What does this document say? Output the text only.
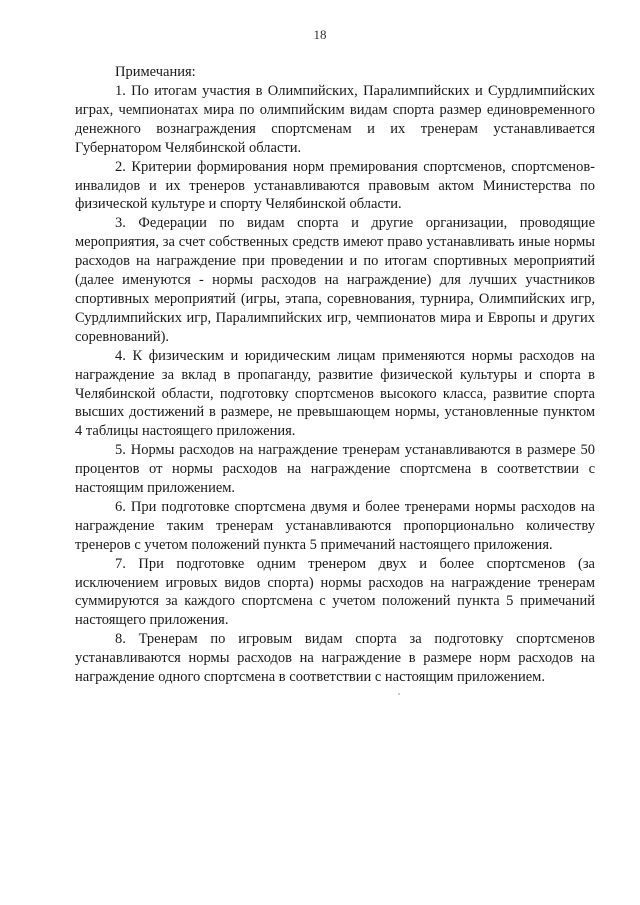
18

Примечания:

1. По итогам участия в Олимпийских, Паралимпийских и Сурдлимпийских играх, чемпионатах мира по олимпийским видам спорта размер единовременного денежного вознаграждения спортсменам и их тренерам устанавливается Губернатором Челябинской области.

2. Критерии формирования норм премирования спортсменов, спортсменов-инвалидов и их тренеров устанавливаются правовым актом Министерства по физической культуре и спорту Челябинской области.

3. Федерации по видам спорта и другие организации, проводящие мероприятия, за счет собственных средств имеют право устанавливать иные нормы расходов на награждение при проведении и по итогам спортивных мероприятий (далее именуются - нормы расходов на награждение) для лучших участников спортивных мероприятий (игры, этапа, соревнования, турнира, Олимпийских игр, Сурдлимпийских игр, Паралимпийских игр, чемпионатов мира и Европы и других соревнований).

4. К физическим и юридическим лицам применяются нормы расходов на награждение за вклад в пропаганду, развитие физической культуры и спорта в Челябинской области, подготовку спортсменов высокого класса, развитие спорта высших достижений в размере, не превышающем нормы, установленные пунктом 4 таблицы настоящего приложения.

5. Нормы расходов на награждение тренерам устанавливаются в размере 50 процентов от нормы расходов на награждение спортсмена в соответствии с настоящим приложением.

6. При подготовке спортсмена двумя и более тренерами нормы расходов на награждение таким тренерам устанавливаются пропорционально количеству тренеров с учетом положений пункта 5 примечаний настоящего приложения.

7. При подготовке одним тренером двух и более спортсменов (за исключением игровых видов спорта) нормы расходов на награждение тренерам суммируются за каждого спортсмена с учетом положений пункта 5 примечаний настоящего приложения.

8. Тренерам по игровым видам спорта за подготовку спортсменов устанавливаются нормы расходов на награждение в размере норм расходов на награждение одного спортсмена в соответствии с настоящим приложением.
